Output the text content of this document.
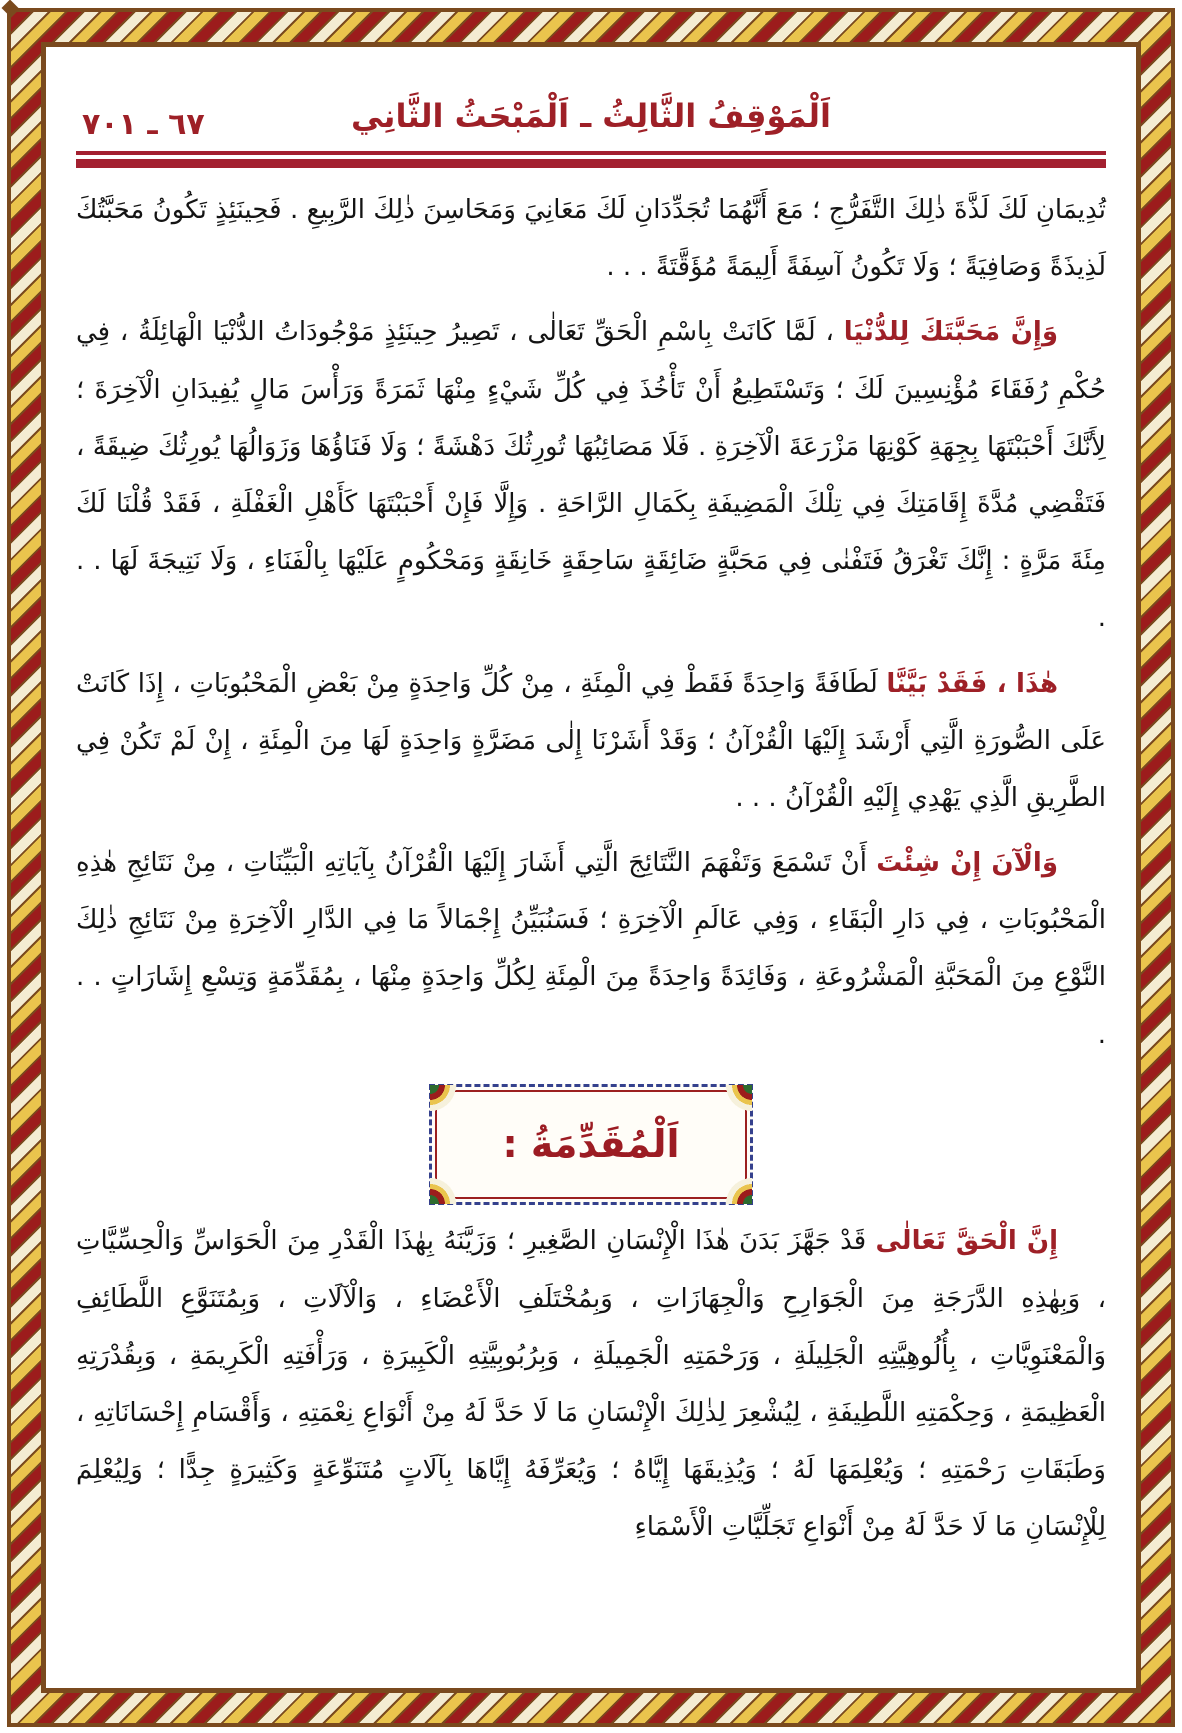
٦٧ ـ ٧٠١	اَلْمَوْقِفُ الثَّالِثُ ـ اَلْمَبْحَثُ الثَّانِي

تُدِيمَانِ لَكَ لَذَّةَ ذٰلِكَ التَّفَرُّجِ ؛ مَعَ أَنَّهُمَا تُجَدِّدَانِ لَكَ مَعَانِيَ وَمَحَاسِنَ ذٰلِكَ الرَّبِيعِ . فَحِينَئِذٍ تَكُونُ مَحَبَّتُكَ لَذِيذَةً وَصَافِيَةً ؛ وَلَا تَكُونُ آسِفَةً أَلِيمَةً مُؤَقَّتَةً . . .

وَإِنَّ مَحَبَّتَكَ لِلدُّنْيَا ، لَمَّا كَانَتْ بِاسْمِ الْحَقِّ تَعَالٰى ، تَصِيرُ حِينَئِذٍ مَوْجُودَاتُ الدُّنْيَا الْهَائِلَةُ ، فِي حُكْمِ رُفَقَاءَ مُؤْنِسِينَ لَكَ ؛ وَتَسْتَطِيعُ أَنْ تَأْخُذَ فِي كُلِّ شَيْءٍ مِنْهَا ثَمَرَةً وَرَأْسَ مَالٍ يُفِيدَانِ الْآخِرَةَ ؛ لِأَنَّكَ أَحْبَبْتَهَا بِجِهَةِ كَوْنِهَا مَزْرَعَةَ الْآخِرَةِ . فَلَا مَصَائِبُهَا تُورِثُكَ دَهْشَةً ؛ وَلَا فَنَاؤُهَا وَزَوَالُهَا يُورِثُكَ ضِيقَةً ، فَتَقْضِي مُدَّةَ إِقَامَتِكَ فِي تِلْكَ الْمَضِيفَةِ بِكَمَالِ الرَّاحَةِ . وَإِلَّا فَإِنْ أَحْبَبْتَهَا كَأَهْلِ الْغَفْلَةِ ، فَقَدْ قُلْنَا لَكَ مِئَةَ مَرَّةٍ : إِنَّكَ تَغْرَقُ فَتَفْنٰى فِي مَحَبَّةٍ ضَائِقَةٍ سَاحِقَةٍ خَانِقَةٍ وَمَحْكُومٍ عَلَيْهَا بِالْفَنَاءِ ، وَلَا نَتِيجَةَ لَهَا . . .

هٰذَا ، فَقَدْ بَيَّنَّا لَطَافَةً وَاحِدَةً فَقَطْ فِي الْمِئَةِ ، مِنْ كُلِّ وَاحِدَةٍ مِنْ بَعْضِ الْمَحْبُوبَاتِ ، إِذَا كَانَتْ عَلَى الصُّورَةِ الَّتِي أَرْشَدَ إِلَيْهَا الْقُرْآنُ ؛ وَقَدْ أَشَرْنَا إِلٰى مَضَرَّةٍ وَاحِدَةٍ لَهَا مِنَ الْمِئَةِ ، إِنْ لَمْ تَكُنْ فِي الطَّرِيقِ الَّذِي يَهْدِي إِلَيْهِ الْقُرْآنُ . . .

وَالْآنَ إِنْ شِئْتَ أَنْ تَسْمَعَ وَتَفْهَمَ النَّتَائِجَ الَّتِي أَشَارَ إِلَيْهَا الْقُرْآنُ بِآيَاتِهِ الْبَيِّنَاتِ ، مِنْ نَتَائِجِ هٰذِهِ الْمَحْبُوبَاتِ ، فِي دَارِ الْبَقَاءِ ، وَفِي عَالَمِ الْآخِرَةِ ؛ فَسَنُبَيِّنُ إِجْمَالاً مَا فِي الدَّارِ الْآخِرَةِ مِنْ نَتَائِجِ ذٰلِكَ النَّوْعِ مِنَ الْمَحَبَّةِ الْمَشْرُوعَةِ ، وَفَائِدَةً وَاحِدَةً مِنَ الْمِئَةِ لِكُلِّ وَاحِدَةٍ مِنْهَا ، بِمُقَدِّمَةٍ وَتِسْعِ إِشَارَاتٍ . . .

اَلْمُقَدِّمَةُ :

إِنَّ الْحَقَّ تَعَالٰى قَدْ جَهَّزَ بَدَنَ هٰذَا الْإِنْسَانِ الصَّغِيرِ ؛ وَزَيَّنَهُ بِهٰذَا الْقَدْرِ مِنَ الْحَوَاسِّ وَالْحِسِّيَّاتِ ، وَبِهٰذِهِ الدَّرَجَةِ مِنَ الْجَوَارِحِ وَالْجِهَازَاتِ ، وَبِمُخْتَلَفِ الْأَعْضَاءِ ، وَالْآلَاتِ ، وَبِمُتَنَوَّعِ اللَّطَائِفِ وَالْمَعْنَوِيَّاتِ ، بِأُلُوهِيَّتِهِ الْجَلِيلَةِ ، وَرَحْمَتِهِ الْجَمِيلَةِ ، وَبِرُبُوبِيَّتِهِ الْكَبِيرَةِ ، وَرَأْفَتِهِ الْكَرِيمَةِ ، وَبِقُدْرَتِهِ الْعَظِيمَةِ ، وَحِكْمَتِهِ اللَّطِيفَةِ ، لِيُشْعِرَ لِذٰلِكَ الْإِنْسَانِ مَا لَا حَدَّ لَهُ مِنْ أَنْوَاعِ نِعْمَتِهِ ، وَأَقْسَامِ إِحْسَانَاتِهِ ، وَطَبَقَاتِ رَحْمَتِهِ ؛ وَيُعْلِمَهَا لَهُ ؛ وَيُذِيقَهَا إِيَّاهُ ؛ وَيُعَرِّفَهُ إِيَّاهَا بِآلَاتٍ مُتَنَوِّعَةٍ وَكَثِيرَةٍ جِدًّا ؛ وَلِيُعْلِمَ لِلْإِنْسَانِ مَا لَا حَدَّ لَهُ مِنْ أَنْوَاعِ تَجَلِّيَّاتِ الْأَسْمَاءِ
